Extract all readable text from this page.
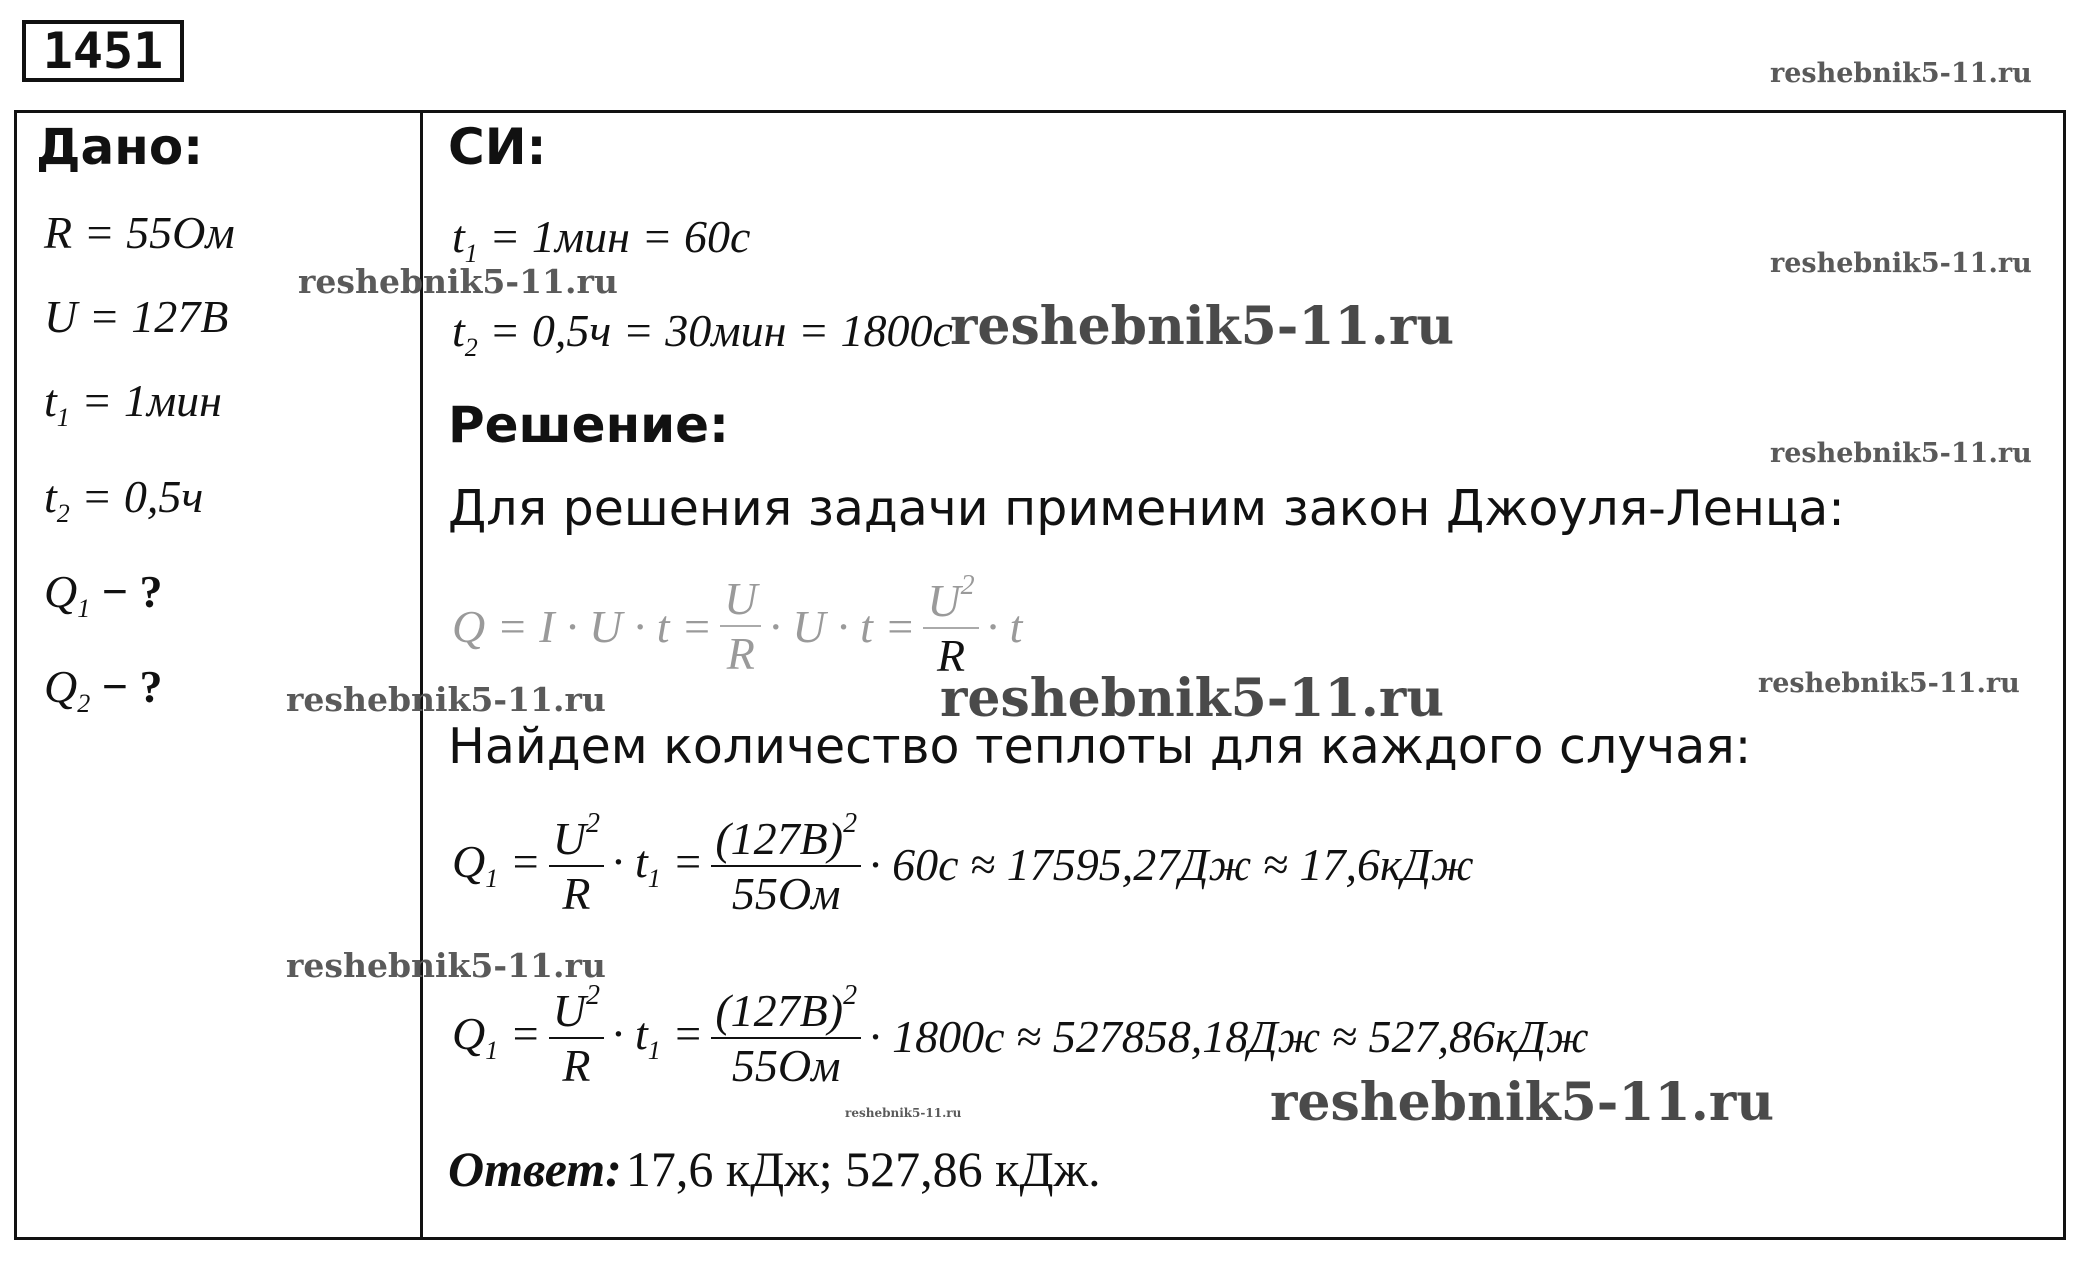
1451
Дано:
R = 55Ом
U = 127В
$t_1 = 1мин$
$t_2 = 0,5ч$
$Q_1$ − ?
$Q_2$ − ?
СИ:
$t_1 = 1мин = 60с$
$t_2 = 0,5ч = 30мин = 1800с$
Решение:
Для решения задачи применим закон Джоуля-Ленца:
$Q = I \cdot U \cdot t = \frac{U}{R} \cdot U \cdot t = \frac{U^2}{R} \cdot t$
Найдем количество теплоты для каждого случая:
$Q_1 = \frac{U^2}{R} \cdot t_1 = \frac{(127В)^2}{55Ом} \cdot 60с \approx 17595,27Дж \approx 17,6кДж$
$Q_1 = \frac{U^2}{R} \cdot t_1 = \frac{(127В)^2}{55Ом} \cdot 1800с \approx 527858,18Дж \approx 527,86кДж$
Ответ: 17,6 кДж; 527,86 кДж.
reshebnik5-11.ru
reshebnik5-11.ru
reshebnik5-11.ru
reshebnik5-11.ru
reshebnik5-11.ru
reshebnik5-11.ru
reshebnik5-11.ru
reshebnik5-11.ru
reshebnik5-11.ru
reshebnik5-11.ru
reshebnik5-11.ru
